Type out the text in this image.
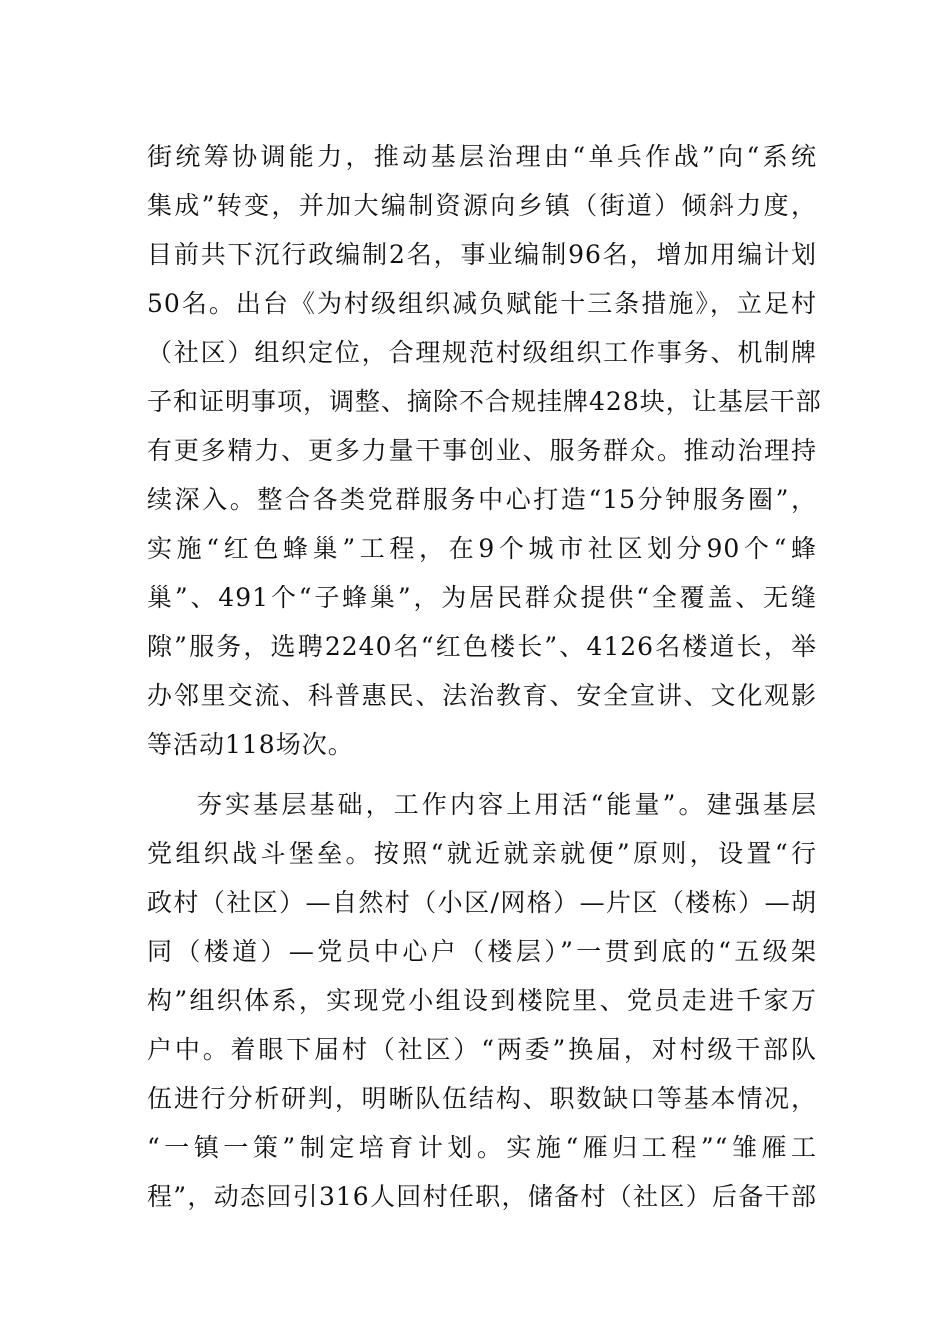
街统筹协调能力，推动基层治理由“单兵作战”向“系统
集成”转变，并加大编制资源向乡镇（街道）倾斜力度，
目前共下沉行政编制2名，事业编制96名，增加用编计划
50名。出台《为村级组织减负赋能十三条措施》，立足村
（社区）组织定位，合理规范村级组织工作事务、机制牌
子和证明事项，调整、摘除不合规挂牌428块，让基层干部
有更多精力、更多力量干事创业、服务群众。推动治理持
续深入。整合各类党群服务中心打造“15分钟服务圈”，
实施“红色蜂巢”工程，在9个城市社区划分90个“蜂
巢”、491个“子蜂巢”，为居民群众提供“全覆盖、无缝
隙”服务，选聘2240名“红色楼长”、4126名楼道长，举
办邻里交流、科普惠民、法治教育、安全宣讲、文化观影
等活动118场次。
夯实基层基础，工作内容上用活“能量”。建强基层
党组织战斗堡垒。按照“就近就亲就便”原则，设置“行
政村（社区）—自然村（小区/网格）—片区（楼栋）—胡
同（楼道）—党员中心户（楼层）”一贯到底的“五级架
构”组织体系，实现党小组设到楼院里、党员走进千家万
户中。着眼下届村（社区）“两委”换届，对村级干部队
伍进行分析研判，明晰队伍结构、职数缺口等基本情况，
“一镇一策”制定培育计划。实施“雁归工程”“雏雁工
程”，动态回引316人回村任职，储备村（社区）后备干部
